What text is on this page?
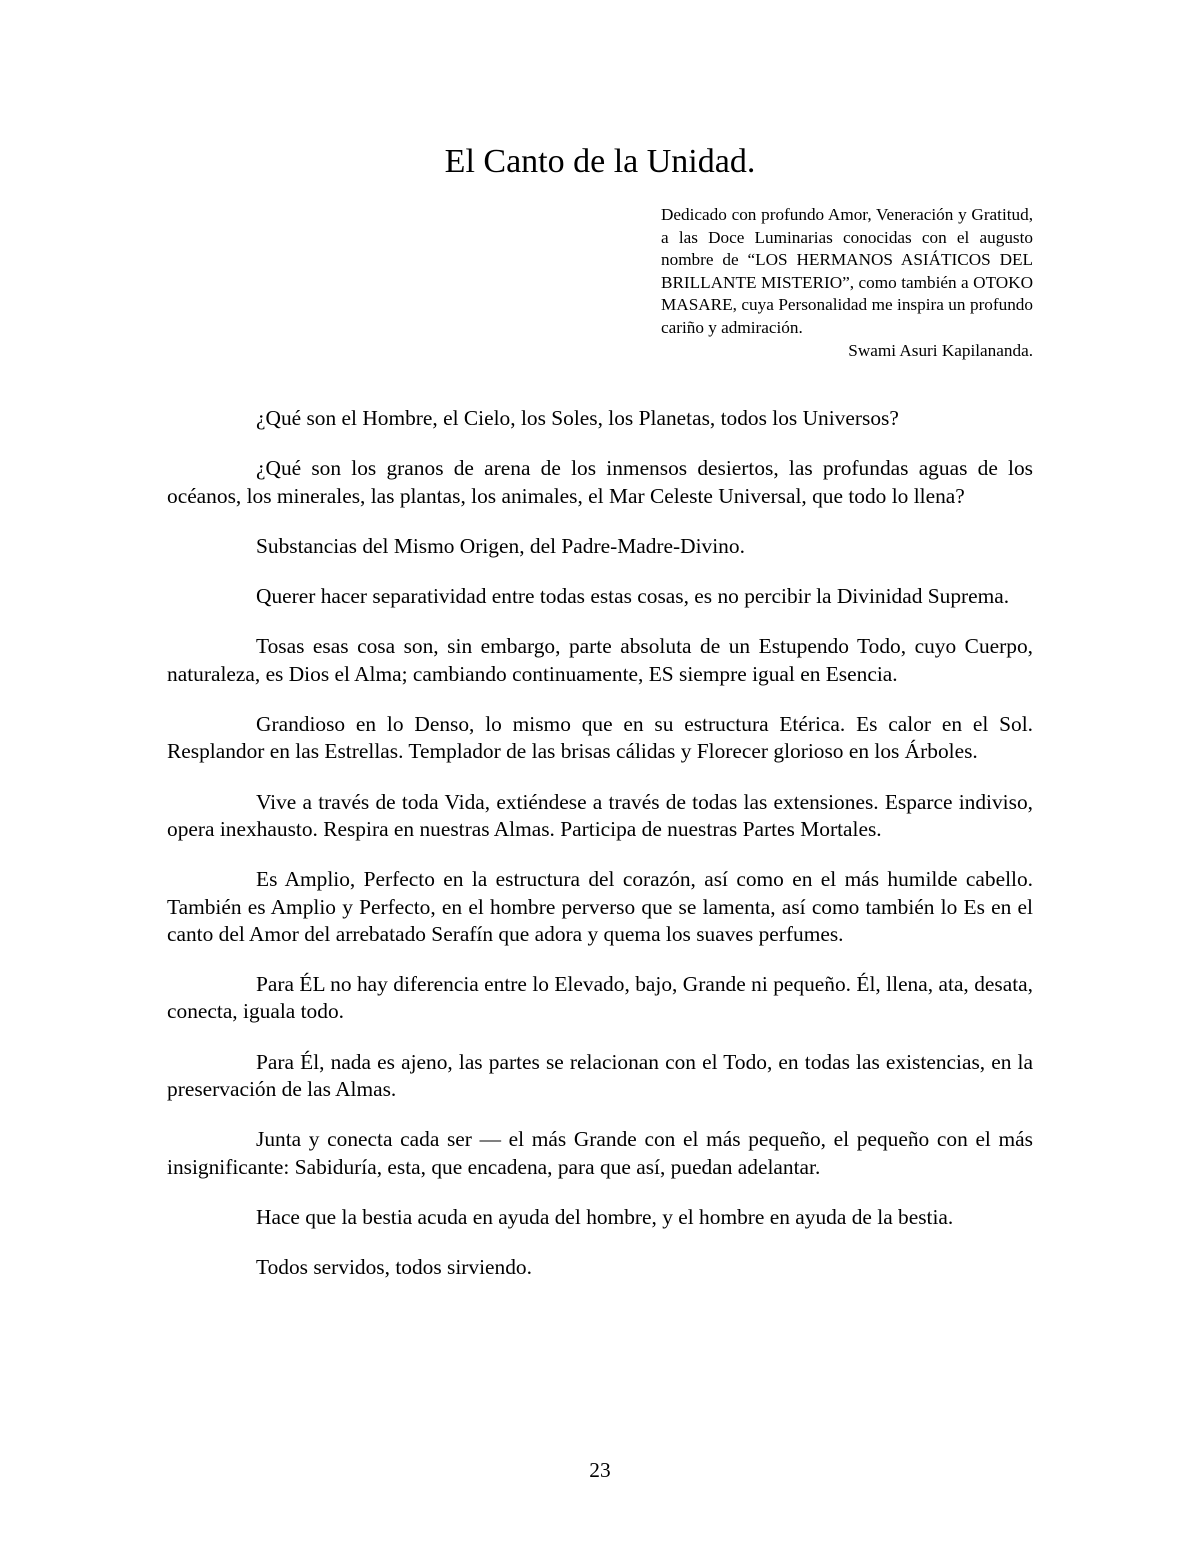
El Canto de la Unidad.

Dedicado con profundo Amor, Veneración y Gratitud, a las Doce Luminarias conocidas con el augusto nombre de “LOS HERMANOS ASIÁTICOS DEL BRILLANTE MISTERIO”, como también a OTOKO MASARE, cuya Personalidad me inspira un profundo cariño y admiración.

Swami Asuri Kapilananda.

¿Qué son el Hombre, el Cielo, los Soles, los Planetas, todos los Universos?

¿Qué son los granos de arena de los inmensos desiertos, las profundas aguas de los océanos, los minerales, las plantas, los animales, el Mar Celeste Universal, que todo lo llena?

Substancias del Mismo Origen, del Padre-Madre-Divino.

Querer hacer separatividad entre todas estas cosas, es no percibir la Divinidad Suprema.

Tosas esas cosa son, sin embargo, parte absoluta de un Estupendo Todo, cuyo Cuerpo, naturaleza, es Dios el Alma; cambiando continuamente, ES siempre igual en Esencia.

Grandioso en lo Denso, lo mismo que en su estructura Etérica. Es calor en el Sol. Resplandor en las Estrellas. Templador de las brisas cálidas y Florecer glorioso en los Árboles.

Vive a través de toda Vida, extiéndese a través de todas las extensiones. Esparce indiviso, opera inexhausto. Respira en nuestras Almas. Participa de nuestras Partes Mortales.

Es Amplio, Perfecto en la estructura del corazón, así como en el más humilde cabello. También es Amplio y Perfecto, en el hombre perverso que se lamenta, así como también lo Es en el canto del Amor del arrebatado Serafín que adora y quema los suaves perfumes.

Para ÉL no hay diferencia entre lo Elevado, bajo, Grande ni pequeño. Él, llena, ata, desata, conecta, iguala todo.

Para Él, nada es ajeno, las partes se relacionan con el Todo, en todas las existencias, en la preservación de las Almas.

Junta y conecta cada ser — el más Grande con el más pequeño, el pequeño con el más insignificante: Sabiduría, esta, que encadena, para que así, puedan adelantar.

Hace que la bestia acuda en ayuda del hombre, y el hombre en ayuda de la bestia.

Todos servidos, todos sirviendo.

23
